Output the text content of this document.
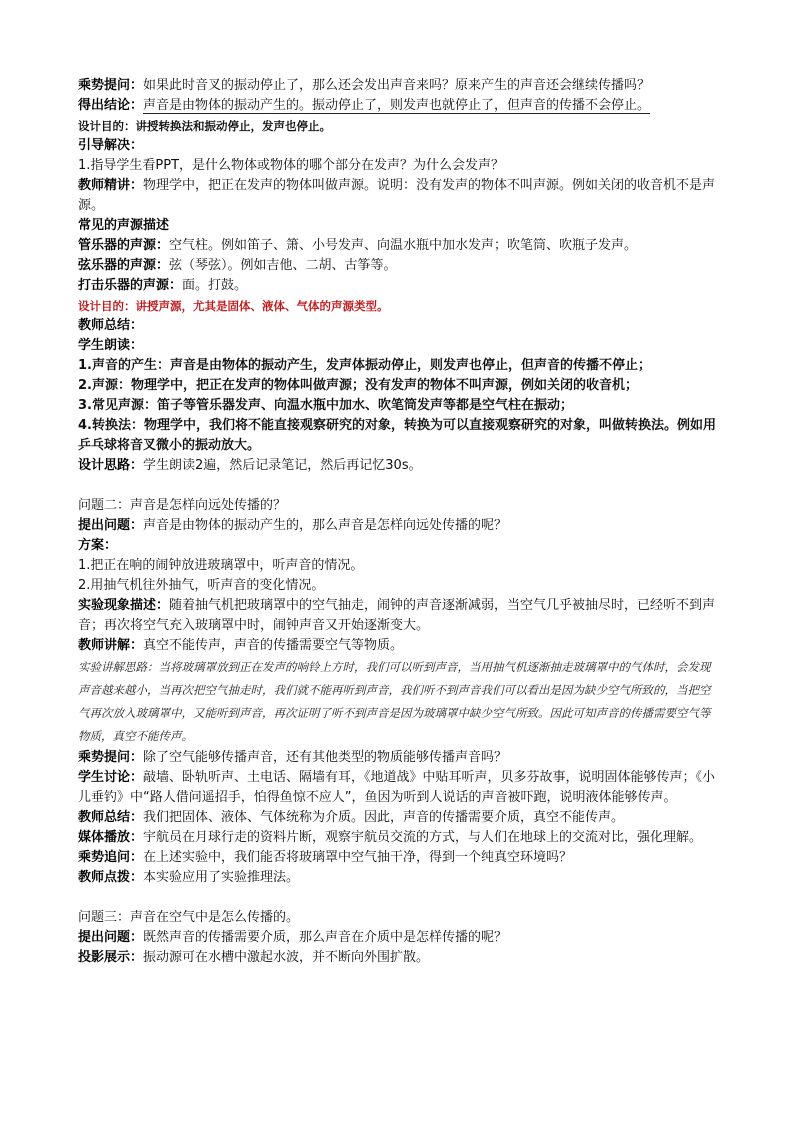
乘势提问：如果此时音叉的振动停止了，那么还会发出声音来吗？原来产生的声音还会继续传播吗？

得出结论：声音是由物体的振动产生的。振动停止了，则发声也就停止了，但声音的传播不会停止。

设计目的：讲授转换法和振动停止，发声也停止。

引导解决：

1.指导学生看PPT，是什么物体或物体的哪个部分在发声？为什么会发声？

教师精讲：物理学中，把正在发声的物体叫做声源。说明：没有发声的物体不叫声源。例如关闭的收音机不是声源。

常见的声源描述

管乐器的声源：空气柱。例如笛子、箫、小号发声、向温水瓶中加水发声；吹笔筒、吹瓶子发声。

弦乐器的声源：弦（琴弦）。例如吉他、二胡、古筝等。

打击乐器的声源：面。打鼓。

设计目的：讲授声源，尤其是固体、液体、气体的声源类型。

教师总结：

学生朗读：

1.声音的产生：声音是由物体的振动产生，发声体振动停止，则发声也停止，但声音的传播不停止；

2.声源：物理学中，把正在发声的物体叫做声源；没有发声的物体不叫声源，例如关闭的收音机；

3.常见声源：笛子等管乐器发声、向温水瓶中加水、吹笔筒发声等都是空气柱在振动；

4.转换法：物理学中，我们将不能直接观察研究的对象，转换为可以直接观察研究的对象，叫做转换法。例如用乒乓球将音叉微小的振动放大。

设计思路：学生朗读2遍，然后记录笔记，然后再记忆30s。

问题二：声音是怎样向远处传播的？

提出问题：声音是由物体的振动产生的，那么声音是怎样向远处传播的呢？

方案：

1.把正在响的闹钟放进玻璃罩中，听声音的情况。

2.用抽气机往外抽气，听声音的变化情况。

实验现象描述：随着抽气机把玻璃罩中的空气抽走，闹钟的声音逐渐减弱，当空气几乎被抽尽时，已经听不到声音；再次将空气充入玻璃罩中时，闹钟声音又开始逐渐变大。

教师讲解：真空不能传声，声音的传播需要空气等物质。

实验讲解思路：当将玻璃罩放到正在发声的响铃上方时，我们可以听到声音，当用抽气机逐渐抽走玻璃罩中的气体时，会发现声音越来越小，当再次把空气抽走时，我们就不能再听到声音，我们听不到声音我们可以看出是因为缺少空气所致的，当把空气再次放入玻璃罩中，又能听到声音，再次证明了听不到声音是因为玻璃罩中缺少空气所致。因此可知声音的传播需要空气等物质，真空不能传声。

乘势提问：除了空气能够传播声音，还有其他类型的物质能够传播声音吗？

学生讨论：敲墙、卧轨听声、土电话、隔墙有耳，《地道战》中贴耳听声，贝多芬故事，说明固体能够传声；《小儿垂钓》中“路人借问遥招手，怕得鱼惊不应人”，鱼因为听到人说话的声音被吓跑，说明液体能够传声。

教师总结：我们把固体、液体、气体统称为介质。因此，声音的传播需要介质，真空不能传声。

媒体播放：宇航员在月球行走的资料片断，观察宇航员交流的方式，与人们在地球上的交流对比，强化理解。

乘势追问：在上述实验中，我们能否将玻璃罩中空气抽干净，得到一个纯真空环境吗？

教师点拨：本实验应用了实验推理法。

问题三：声音在空气中是怎么传播的。

提出问题：既然声音的传播需要介质，那么声音在介质中是怎样传播的呢？

投影展示：振动源可在水槽中激起水波，并不断向外围扩散。
